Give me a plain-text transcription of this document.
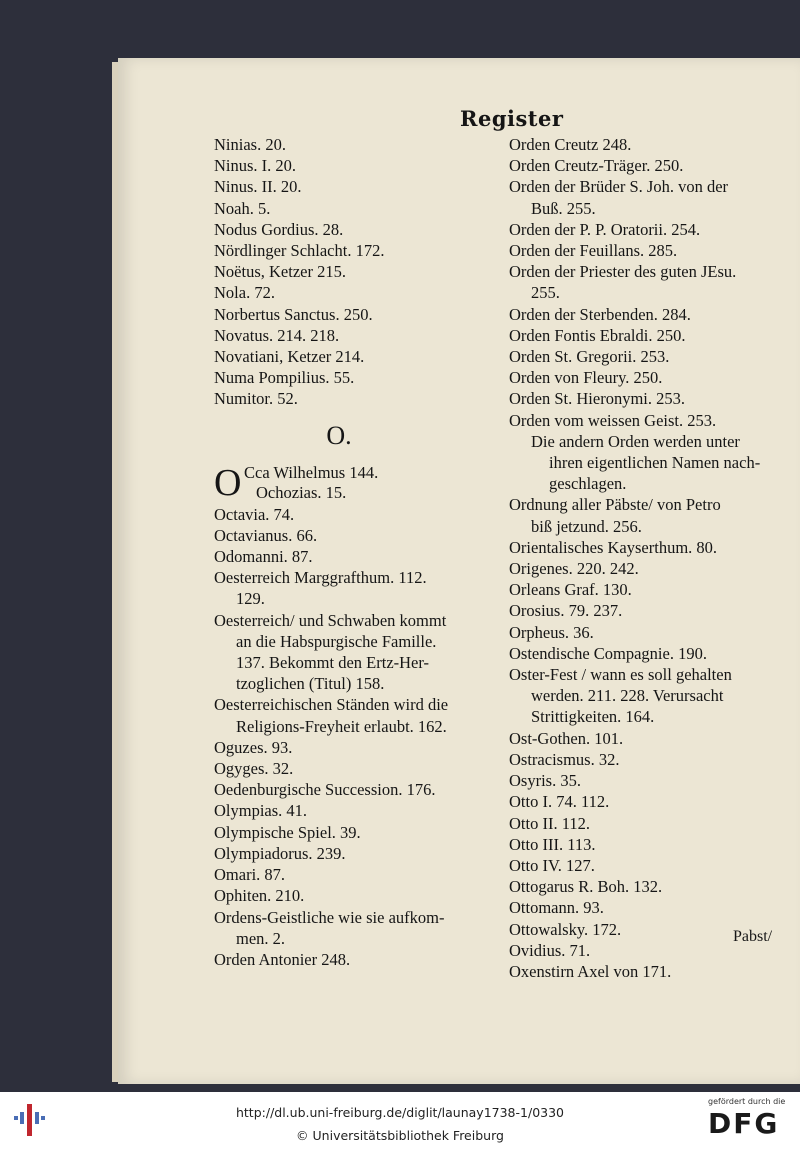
Register
Ninias. 20.
Ninus. I. 20.
Ninus. II. 20.
Noah. 5.
Nodus Gordius. 28.
Nördlinger Schlacht. 172.
Noëtus, Ketzer 215.
Nola. 72.
Norbertus Sanctus. 250.
Novatus. 214. 218.
Novatiani, Ketzer 214.
Numa Pompilius. 55.
Numitor. 52.
O.
O Cca Wilhelmus 144.
Ochozias. 15.
Octavia. 74.
Octavianus. 66.
Odomanni. 87.
Oesterreich Marggrafthum. 112.
129.
Oesterreich/ und Schwaben kommt
an die Habspurgische Famille.
137. Bekommt den Ertz-Her-
tzoglichen (Titul) 158.
Oesterreichischen Ständen wird die
Religions-Freyheit erlaubt. 162.
Oguzes. 93.
Ogyges. 32.
Oedenburgische Succession. 176.
Olympias. 41.
Olympische Spiel. 39.
Olympiadorus. 239.
Omari. 87.
Ophiten. 210.
Ordens-Geistliche wie sie aufkom-
men. 2.
Orden Antonier 248.
Orden Creutz 248.
Orden Creutz-Träger. 250.
Orden der Brüder S. Joh. von der
Buß. 255.
Orden der P. P. Oratorii. 254.
Orden der Feuillans. 285.
Orden der Priester des guten JEsu.
255.
Orden der Sterbenden. 284.
Orden Fontis Ebraldi. 250.
Orden St. Gregorii. 253.
Orden von Fleury. 250.
Orden St. Hieronymi. 253.
Orden vom weissen Geist. 253.
Die andern Orden werden unter
ihren eigentlichen Namen nach-
geschlagen.
Ordnung aller Päbste/ von Petro
biß jetzund. 256.
Orientalisches Kayserthum. 80.
Origenes. 220. 242.
Orleans Graf. 130.
Orosius. 79. 237.
Orpheus. 36.
Ostendische Compagnie. 190.
Oster-Fest / wann es soll gehalten
werden. 211. 228. Verursacht
Strittigkeiten. 164.
Ost-Gothen. 101.
Ostracismus. 32.
Osyris. 35.
Otto I. 74. 112.
Otto II. 112.
Otto III. 113.
Otto IV. 127.
Ottogarus R. Boh. 132.
Ottomann. 93.
Ottowalsky. 172.
Ovidius. 71.
Oxenstirn Axel von 171.
Pabst/
http://dl.ub.uni-freiburg.de/diglit/launay1738-1/0330
© Universitätsbibliothek Freiburg
gefördert durch die
DFG
